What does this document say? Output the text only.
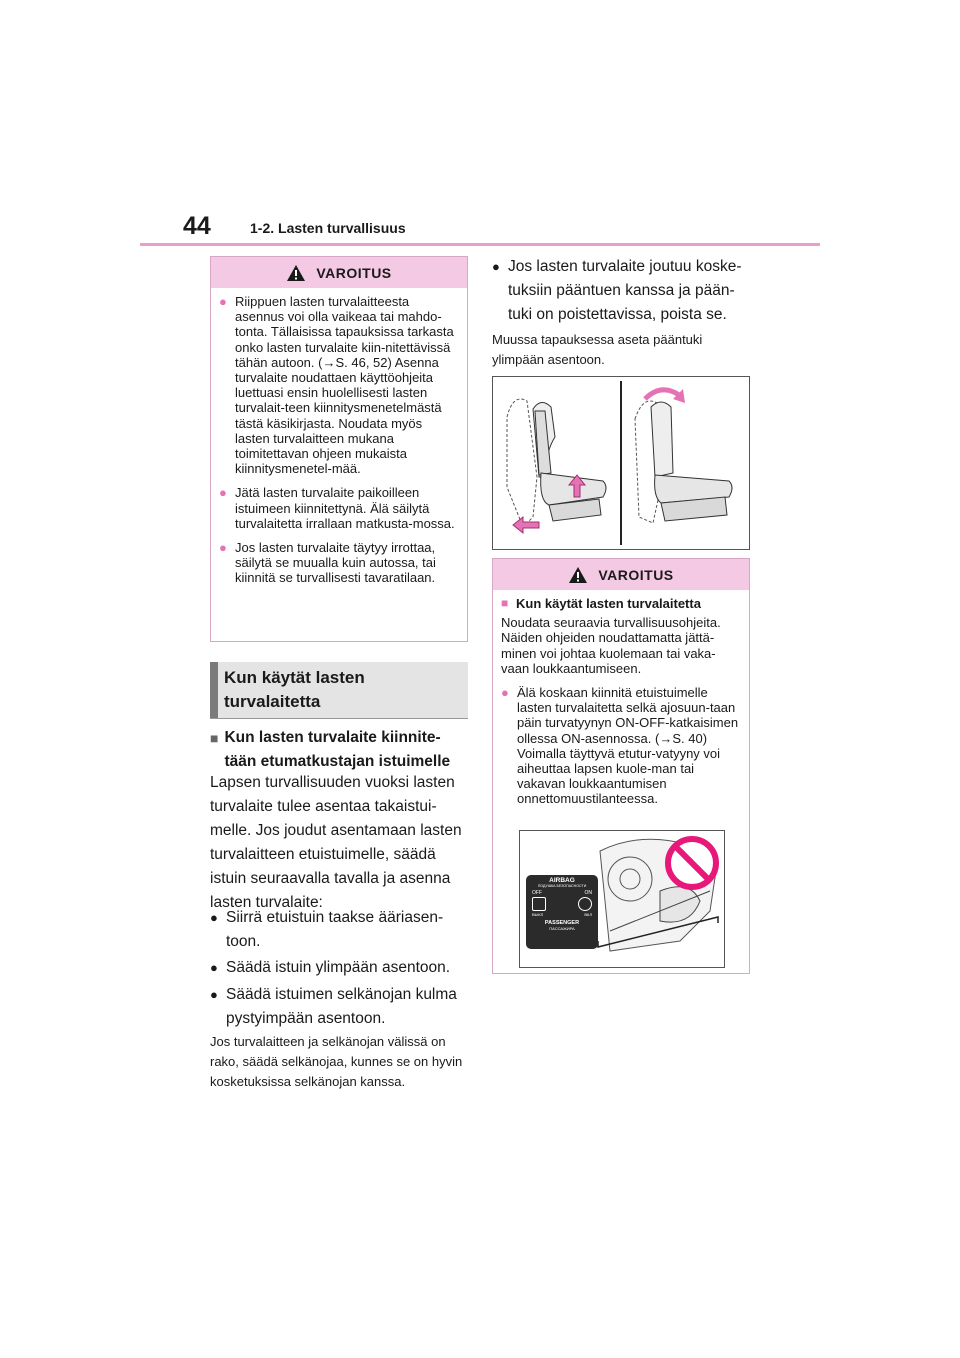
44	1-2. Lasten turvallisuus
VAROITUS
● Riippuen lasten turvalaitteesta asennus voi olla vaikeaa tai mahdo-tonta. Tällaisissa tapauksissa tarkasta onko lasten turvalaite kiin-nitettävissä tähän autoon. (→S. 46, 52) Asenna turvalaite noudattaen käyttöohjeita luettuasi ensin huolellisesti lasten turvalait-teen kiinnitysmenetelmästä tästä käsikirjasta. Noudata myös lasten turvalaitteen mukana toimitettavan ohjeen mukaista kiinnitysmenetel-mää.
● Jätä lasten turvalaite paikoilleen istuimeen kiinnitettynä. Älä säilytä turvalaitetta irrallaan matkusta-mossa.
● Jos lasten turvalaite täytyy irrottaa, säilytä se muualla kuin autossa, tai kiinnitä se turvallisesti tavaratilaan.
Kun käytät lasten turvalaitetta
■ Kun lasten turvalaite kiinnite-tään etumatkustajan istuimelle
Lapsen turvallisuuden vuoksi lasten turvalaite tulee asentaa takaistui-melle. Jos joudut asentamaan lasten turvalaitteen etuistuimelle, säädä istuin seuraavalla tavalla ja asenna lasten turvalaite:
● Siirrä etuistuin taakse ääriasen-toon.
● Säädä istuin ylimpään asentoon.
● Säädä istuimen selkänojan kulma pystyimpään asentoon.
Jos turvalaitteen ja selkänojan välissä on rako, säädä selkänojaa, kunnes se on hyvin kosketuksissa selkänojan kanssa.
● Jos lasten turvalaite joutuu koske-tuksiin pääntuen kanssa ja pään-tuki on poistettavissa, poista se.
Muussa tapauksessa aseta pääntuki ylimpään asentoon.
VAROITUS
■ Kun käytät lasten turvalaitetta
Noudata seuraavia turvallisuusohjeita. Näiden ohjeiden noudattamatta jättä-minen voi johtaa kuolemaan tai vaka-vaan loukkaantumiseen.
● Älä koskaan kiinnitä etuistuimelle lasten turvalaitetta selkä ajosuun-taan päin turvatyynyn ON-OFF-katkaisimen ollessa ON-asennossa. (→S. 40) Voimalla täyttyvä etutur-vatyyny voi aiheuttaa lapsen kuole-man tai vakavan loukkaantumisen onnettomuustilanteessa.
AIRBAG
ПОДУШКА БЕЗОПАСНОСТИ
OFF	ON
ВЫКЛ	ВКЛ
PASSENGER
ПАССАЖИРА
